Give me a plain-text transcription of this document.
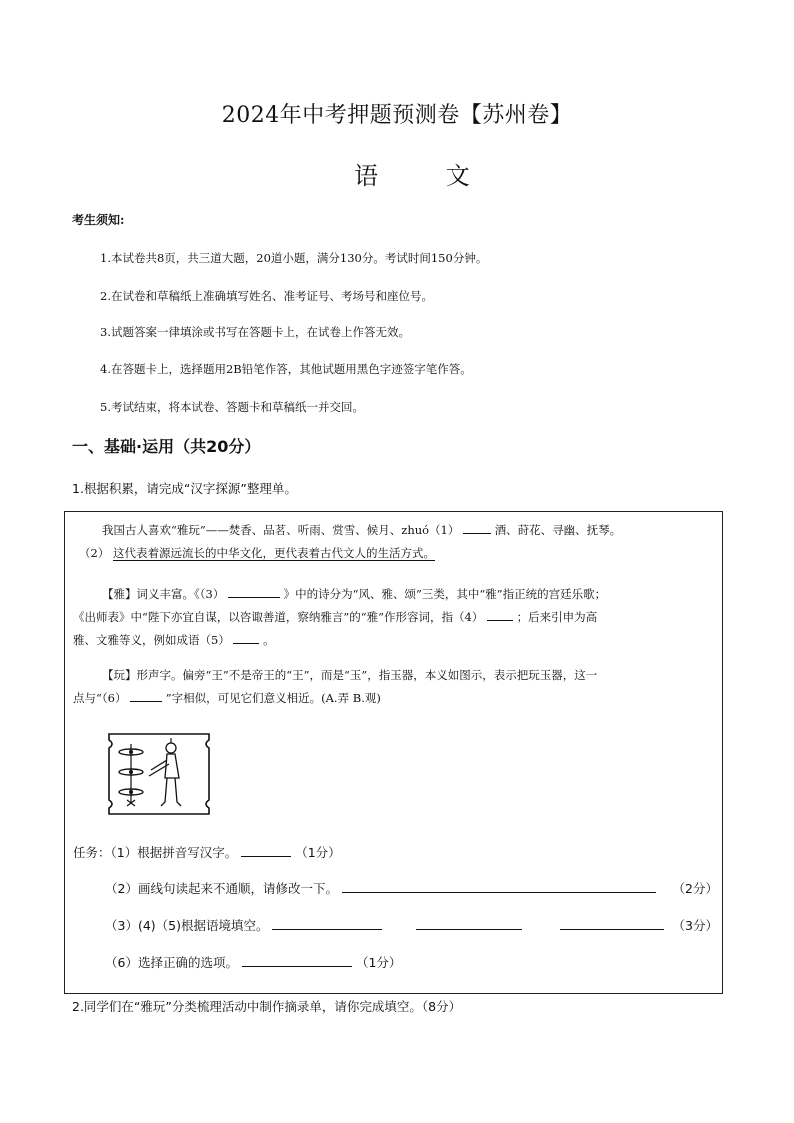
2024年中考押题预测卷【苏州卷】
语 文
考生须知:
1.本试卷共8页，共三道大题，20道小题，满分130分。考试时间150分钟。
2.在试卷和草稿纸上准确填写姓名、准考证号、考场号和座位号。
3.试题答案一律填涂或书写在答题卡上，在试卷上作答无效。
4.在答题卡上，选择题用2B铅笔作答，其他试题用黑色字迹签字笔作答。
5.考试结束，将本试卷、答题卡和草稿纸一并交回。
一、基础·运用（共20分）
1.根据积累，请完成“汉字探源”整理单。
我国古人喜欢“雅玩”——焚香、品茗、听雨、赏雪、候月、zhuó（1）	酒、莳花、寻幽、抚琴。
（2） 这代表着源远流长的中华文化，更代表着古代文人的生活方式。
【雅】词义丰富。《（3）	》中的诗分为“风、雅、颂”三类，其中“雅”指正统的宫廷乐歌；
《出师表》中“陛下亦宜自谋，以咨诹善道，察纳雅言”的“雅”作形容词，指（4）	；后来引申为高
雅、文雅等义，例如成语（5）	。
【玩】形声字。偏旁“王”不是帝王的“王”，而是“玉”，指玉器，本义如图示，表示把玩玉器，这一
点与“（6）	”字相似，可见它们意义相近。(A.弄 B.观)
任务：（1）根据拼音写汉字。	（1分）
（2）画线句读起来不通顺，请修改一下。	（2分）
（3）(4)（5)根据语境填空。	（3分）
（6）选择正确的选项。	（1分）
2.同学们在“雅玩”分类梳理活动中制作摘录单，请你完成填空。（8分）
